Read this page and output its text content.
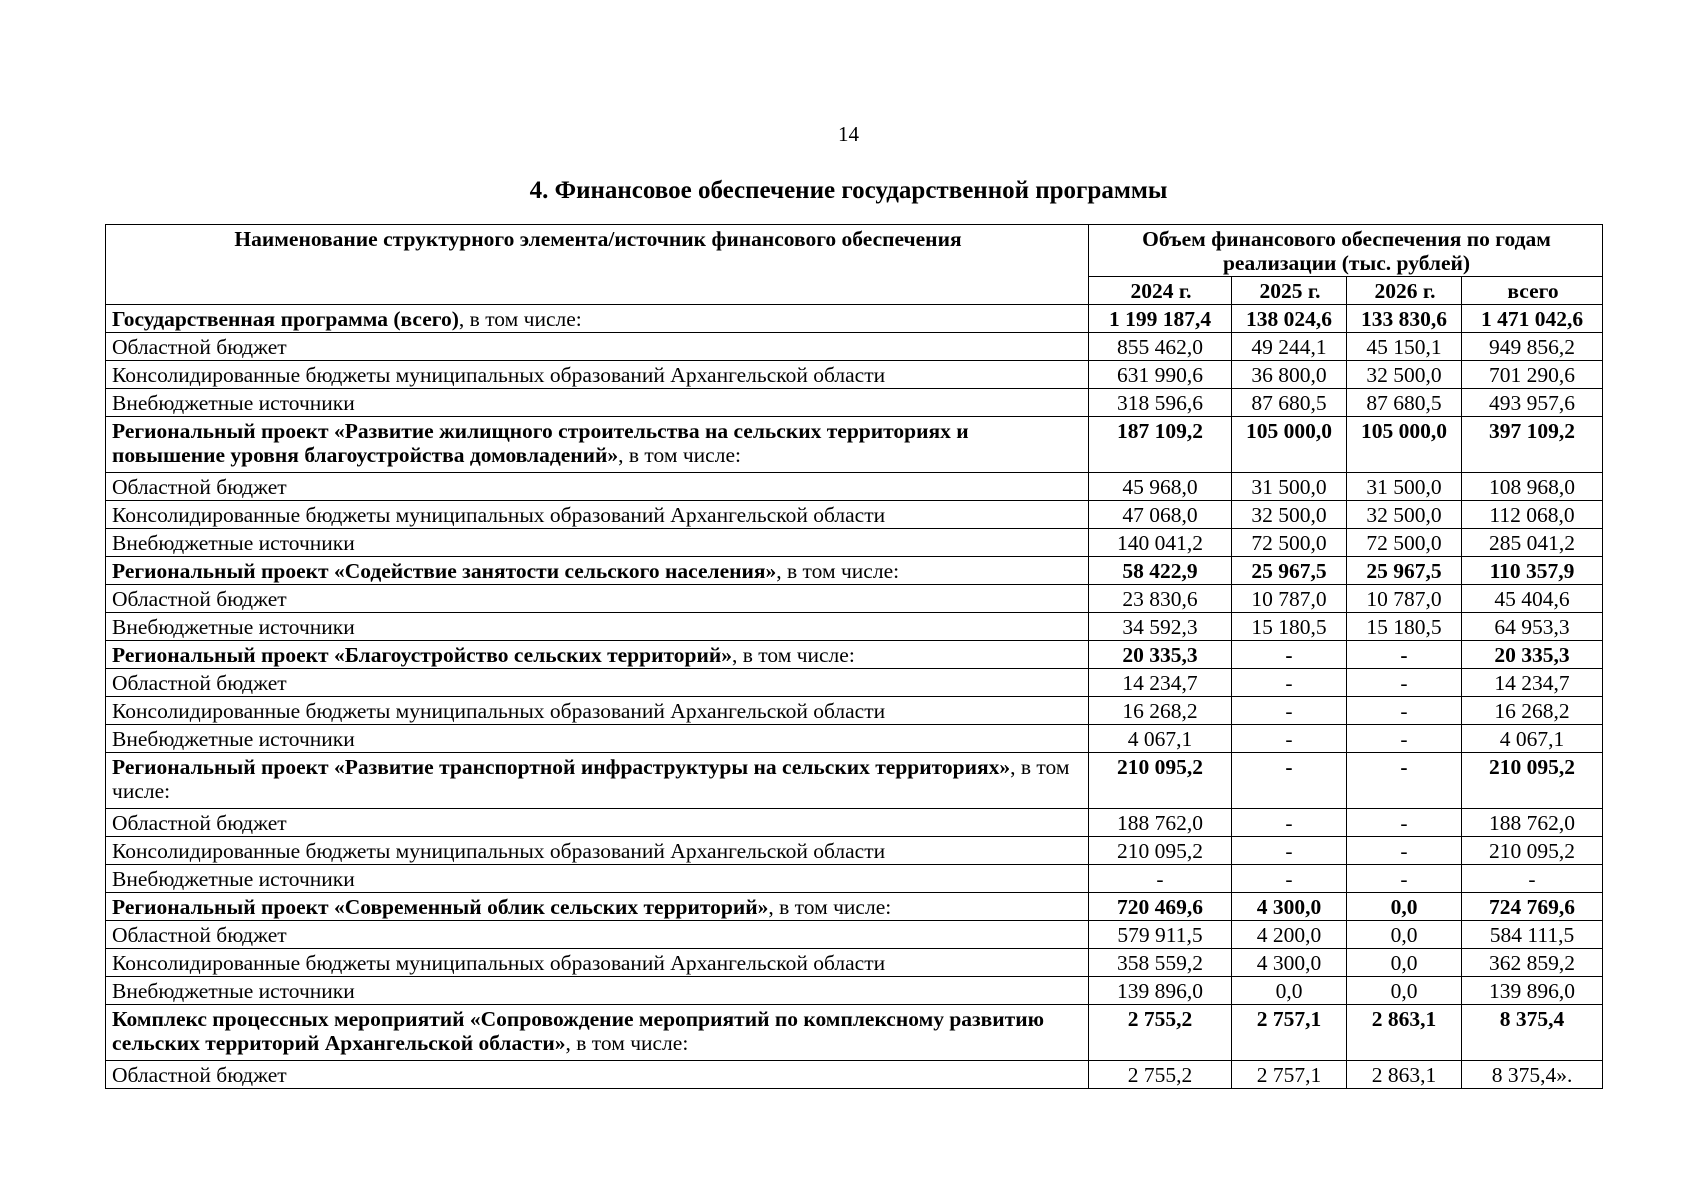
14
4. Финансовое обеспечение государственной программы
Наименование структурного элемента/источник финансового обеспечения	Объем финансового обеспечения по годам реализации (тыс. рублей)			
	2024 г.	2025 г.	2026 г.	всего
Государственная программа (всего), в том числе:	1 199 187,4	138 024,6	133 830,6	1 471 042,6
Областной бюджет	855 462,0	49 244,1	45 150,1	949 856,2
Консолидированные бюджеты муниципальных образований Архангельской области	631 990,6	36 800,0	32 500,0	701 290,6
Внебюджетные источники	318 596,6	87 680,5	87 680,5	493 957,6
Региональный проект «Развитие жилищного строительства на сельских территориях и повышение уровня благоустройства домовладений», в том числе:	187 109,2	105 000,0	105 000,0	397 109,2
Областной бюджет	45 968,0	31 500,0	31 500,0	108 968,0
Консолидированные бюджеты муниципальных образований Архангельской области	47 068,0	32 500,0	32 500,0	112 068,0
Внебюджетные источники	140 041,2	72 500,0	72 500,0	285 041,2
Региональный проект «Содействие занятости сельского населения», в том числе:	58 422,9	25 967,5	25 967,5	110 357,9
Областной бюджет	23 830,6	10 787,0	10 787,0	45 404,6
Внебюджетные источники	34 592,3	15 180,5	15 180,5	64 953,3
Региональный проект «Благоустройство сельских территорий», в том числе:	20 335,3	-	-	20 335,3
Областной бюджет	14 234,7	-	-	14 234,7
Консолидированные бюджеты муниципальных образований Архангельской области	16 268,2	-	-	16 268,2
Внебюджетные источники	4 067,1	-	-	4 067,1
Региональный проект «Развитие транспортной инфраструктуры на сельских территориях», в том числе:	210 095,2	-	-	210 095,2
Областной бюджет	188 762,0	-	-	188 762,0
Консолидированные бюджеты муниципальных образований Архангельской области	210 095,2	-	-	210 095,2
Внебюджетные источники	-	-	-	-
Региональный проект «Современный облик сельских территорий», в том числе:	720 469,6	4 300,0	0,0	724 769,6
Областной бюджет	579 911,5	4 200,0	0,0	584 111,5
Консолидированные бюджеты муниципальных образований Архангельской области	358 559,2	4 300,0	0,0	362 859,2
Внебюджетные источники	139 896,0	0,0	0,0	139 896,0
Комплекс процессных мероприятий «Сопровождение мероприятий по комплексному развитию сельских территорий Архангельской области», в том числе:	2 755,2	2 757,1	2 863,1	8 375,4
Областной бюджет	2 755,2	2 757,1	2 863,1	8 375,4».
